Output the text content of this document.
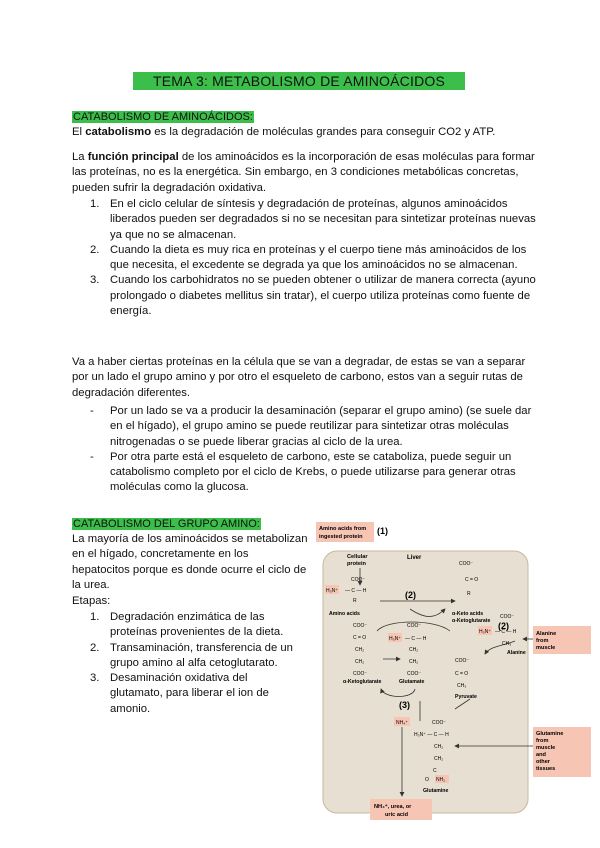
TEMA 3: METABOLISMO DE AMINOÁCIDOS
CATABOLISMO DE AMINOÁCIDOS:

El catabolismo es la degradación de moléculas grandes para conseguir CO2 y ATP.

La función principal de los aminoácidos es la incorporación de esas moléculas para formar las proteínas, no es la energética. Sin embargo, en 3 condiciones metabólicas concretas, pueden sufrir la degradación oxidativa.

1. En el ciclo celular de síntesis y degradación de proteínas, algunos aminoácidos liberados pueden ser degradados si no se necesitan para sintetizar proteínas nuevas ya que no se almacenan.
2. Cuando la dieta es muy rica en proteínas y el cuerpo tiene más aminoácidos de los que necesita, el excedente se degrada ya que los aminoácidos no se almacenan.
3. Cuando los carbohidratos no se pueden obtener o utilizar de manera correcta (ayuno prolongado o diabetes mellitus sin tratar), el cuerpo utiliza proteínas como fuente de energía.

Va a haber ciertas proteínas en la célula que se van a degradar, de estas se van a separar por un lado el grupo amino y por otro el esqueleto de carbono, estos van a seguir rutas de degradación diferentes.

- Por un lado se va a producir la desaminación (separar el grupo amino) (se suele dar en el hígado), el grupo amino se puede reutilizar para sintetizar otras moléculas nitrogenadas o se puede liberar gracias al ciclo de la urea.
- Por otra parte está el esqueleto de carbono, este se cataboliza, puede seguir un catabolismo completo por el ciclo de Krebs, o puede utilizarse para generar otras moléculas como la glucosa.
CATABOLISMO DEL GRUPO AMINO:

La mayoría de los aminoácidos se metabolizan en el hígado, concretamente en los hepatocitos porque es donde ocurre el ciclo de la urea.

Etapas:

1. Degradación enzimática de las proteínas provenientes de la dieta.
2. Transaminación, transferencia de un grupo amino al alfa cetoglutarato.
3. Desaminación oxidativa del glutamato, para liberar el ion de amonio.
Amino acids from
ingested protein
(1)
Cellular
protein
Liver
H₃N⁺ — C — H
COO⁻
R
Amino acids
(2)
COO⁻
C = O
R
α-Keto acids
α-Ketoglutarate
COO⁻
C = O
CH₂
CH₂
COO⁻
α-Ketoglutarate
H₃N⁺
COO⁻
— C — H
CH₂
CH₂
COO⁻
Glutamate
(3)
NH₄⁺
(2)
COO⁻
H₃N⁺ — C — H
CH₃
Alanine
COO⁻
C = O
CH₃
Pyruvate
Alanine
from
muscle
COO⁻
H₃N⁺ — C — H
CH₂
CH₂
C
O NH₂
Glutamine
Glutamine
from
muscle
and
other
tissues
NH₄⁺, urea, or
uric acid
